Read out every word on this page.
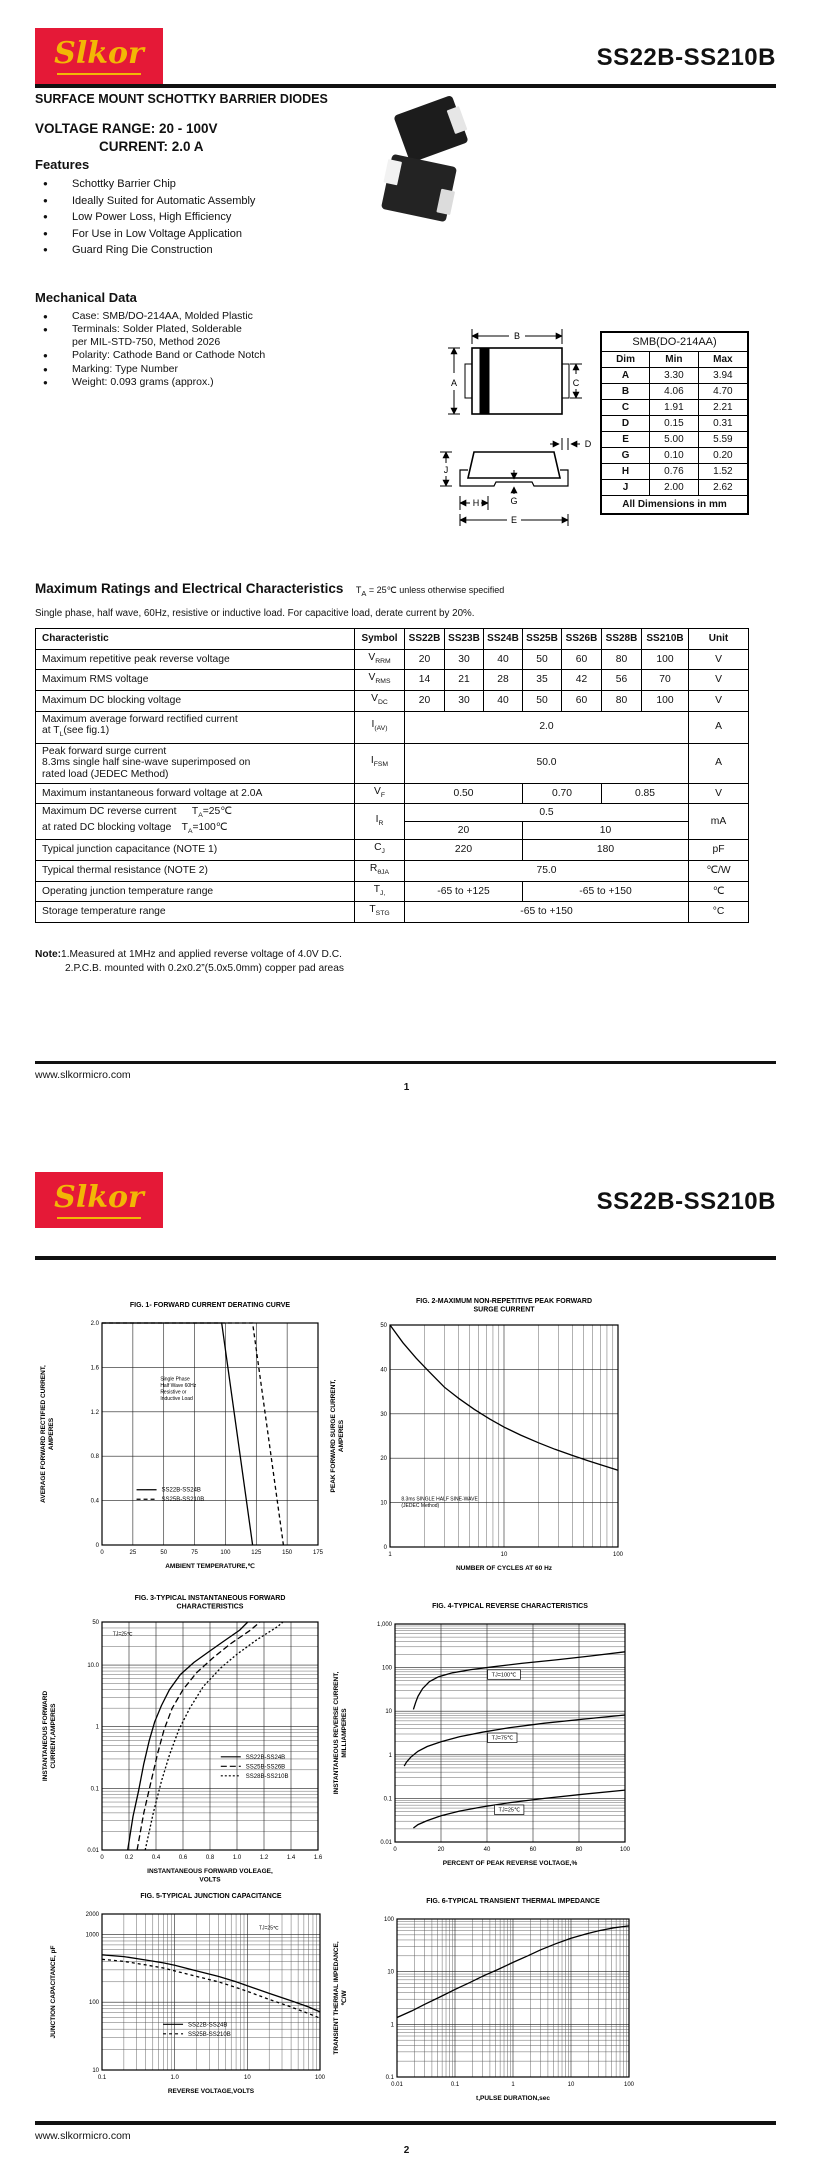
Slkor	SS22B-SS210B
SURFACE MOUNT SCHOTTKY BARRIER DIODES
VOLTAGE RANGE: 20 - 100V
CURRENT: 2.0 A
Features
● Schottky Barrier Chip
● Ideally Suited for Automatic Assembly
● Low Power Loss, High Efficiency
● For Use in Low Voltage Application
● Guard Ring Die Construction
Mechanical Data
● Case: SMB/DO-214AA, Molded Plastic
● Terminals: Solder Plated, Solderable
per MIL-STD-750, Method 2026
● Polarity: Cathode Band or Cathode Notch
● Marking: Type Number
● Weight: 0.093 grams (approx.)
B
A	C
D
J
G
H
E
SMB(DO-214AA)		
Dim	Min	Max
A	3.30	3.94
B	4.06	4.70
C	1.91	2.21
D	0.15	0.31
E	5.00	5.59
G	0.10	0.20
H	0.76	1.52
J	2.00	2.62
All Dimensions in mm		
Maximum Ratings and Electrical Characteristics $T_A$ = 25℃ unless otherwise specified
Single phase, half wave, 60Hz, resistive or inductive load. For capacitive load, derate current by 20%.
Characteristic	Symbol	SS22B	SS23B	SS24B	SS25B	SS26B	SS28B	SS210B	Unit
Maximum repetitive peak reverse voltage	$V_{RRM}$	20	30	40	50	60	80	100	V
Maximum RMS voltage	$V_{RMS}$	14	21	28	35	42	56	70	V
Maximum DC blocking voltage	$V_{DC}$	20	30	40	50	60	80	100	V
Maximum average forward rectified current
at $T_L(see$ fig.1)	$I_{(AV)}$	2.0							A
Peak forward surge current
8.3ms single half sine-wave superimposed on
rated load (JEDEC Method)	$I_{FSM}$	50.0							A
Maximum instantaneous forward voltage at 2.0A	$V_F$	0.50			0.70		0.85		V
Maximum DC reverse current   $T_A=25℃$
at rated DC blocking voltage  $T_A=100℃$	$I_R$	0.5							mA
		20			10				
Typical junction capacitance (NOTE 1)	$C_J$	220			180				pF
Typical thermal resistance (NOTE 2)	$R_{\theta JA}$	75.0							℃/W
Operating junction temperature range	$T_{J,}$	-65 to +125			-65 to +150				℃
Storage temperature range	$T_{STG}$	-65 to +150							°C
Note:1.Measured at 1MHz and applied reverse voltage of 4.0V D.C.
2.P.C.B. mounted with 0.2x0.2”(5.0x5.0mm) copper pad areas
www.slkormicro.com
1
Slkor	SS22B-SS210B
FIG. 1- FORWARD CURRENT DERATING CURVE
0	25	50	75	100	125	150	175
0
0.4
0.8
1.2
1.6
2.0
Single Phase
Half Wave 60Hz
Resistive or
Inductive Load
SS22B-SS24B
SS25B-SS210B
AMBIENT TEMPERATURE,℃
AVERAGE FORWARD RECTIFIED CURRENT,AMPERES
FIG. 2-MAXIMUM NON-REPETITIVE PEAK FORWARD
SURGE CURRENT
1	10	100
0
10
20
30
40
50
8.3ms SINGLE HALF SINE-WAVE
(JEDEC Method)
NUMBER OF CYCLES AT 60 Hz
PEAK FORWARD SURGE CURRENT,AMPERES
FIG. 3-TYPICAL INSTANTANEOUS FORWARD
CHARACTERISTICS
0	0.2	0.4	0.6	0.8	1.0	1.2	1.4	1.6
0.01
0.1
1
10.0
50
TJ=25℃
SS22B-SS24B
SS25B-SS26B
SS28B-SS210B
INSTANTANEOUS FORWARD VOLEAGE,
VOLTS
INSTANTANEOUS FORWARDCURRENT,AMPERES
FIG. 4-TYPICAL REVERSE CHARACTERISTICS
0	20	40	60	80	100
0.01
0.1
1
10
100
1,000
TJ=100℃
TJ=75℃
TJ=25℃
PERCENT OF PEAK REVERSE VOLTAGE,%
INSTANTANEOUS REVERSE CURRENT,MILLIAMPERES
FIG. 5-TYPICAL JUNCTION CAPACITANCE
0.1	1.0	10	100
10
100
1000
2000
TJ=25℃
SS22B-SS24B
SS25B-SS210B
REVERSE VOLTAGE,VOLTS
JUNCTION CAPACITANCE, pF
FIG. 6-TYPICAL TRANSIENT THERMAL IMPEDANCE
0.01	0.1	1	10	100
0.1
1
10
100
t,PULSE DURATION,sec
TRANSIENT THERMAL IMPEDANCE,℃/W
www.slkormicro.com
2
